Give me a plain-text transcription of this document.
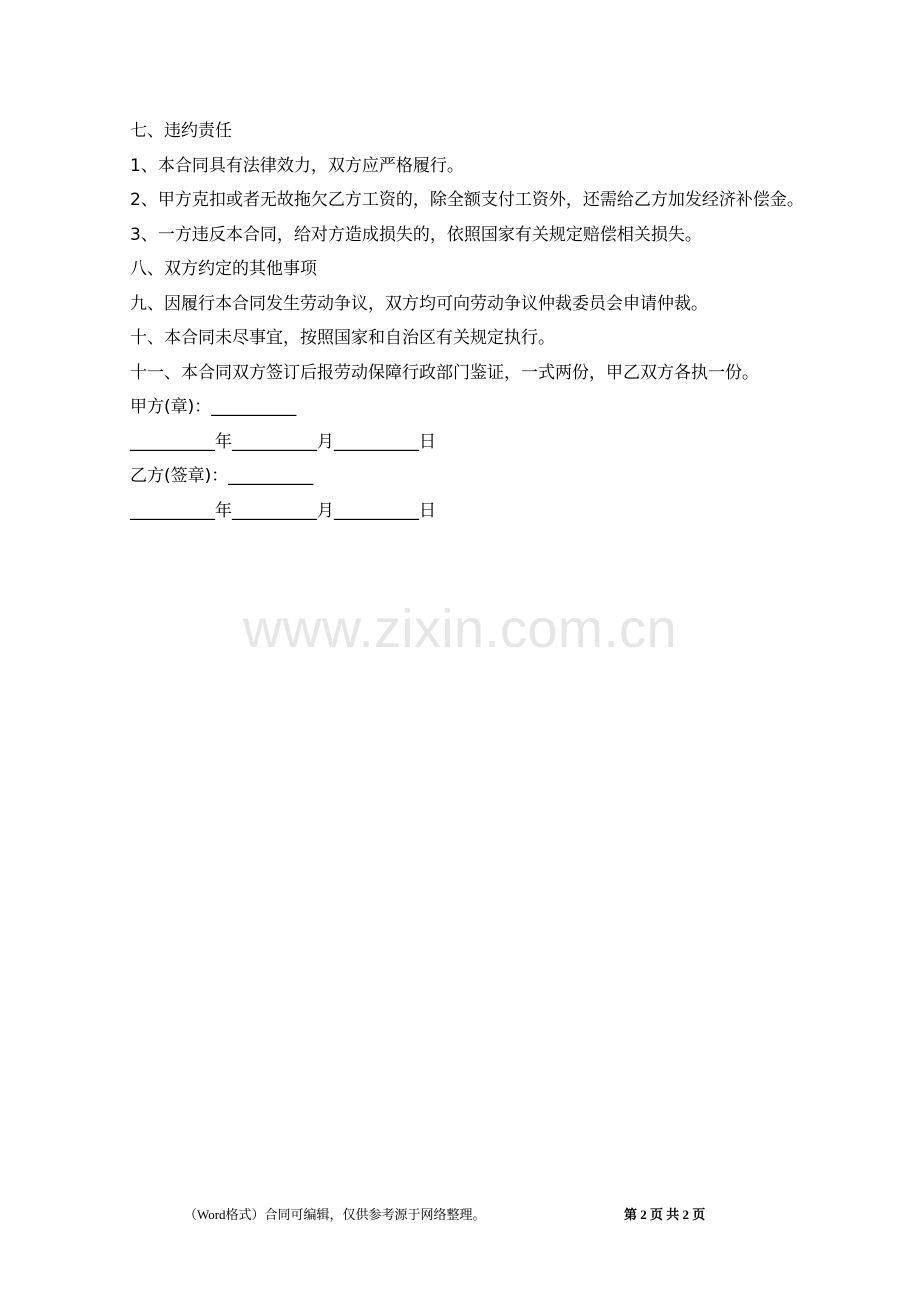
七、违约责任

1、本合同具有法律效力，双方应严格履行。

2、甲方克扣或者无故拖欠乙方工资的，除全额支付工资外，还需给乙方加发经济补偿金。

3、一方违反本合同，给对方造成损失的，依照国家有关规定赔偿相关损失。

八、双方约定的其他事项

九、因履行本合同发生劳动争议，双方均可向劳动争议仲裁委员会申请仲裁。

十、本合同未尽事宜，按照国家和自治区有关规定执行。

十一、本合同双方签订后报劳动保障行政部门鉴证，一式两份，甲乙双方各执一份。

甲方(章)：__________

__________年__________月__________日

乙方(签章)：__________

__________年__________月__________日

www.zixin.com.cn
（Word格式）合同可编辑，仅供参考源于网络整理。	第 2 页 共 2 页
